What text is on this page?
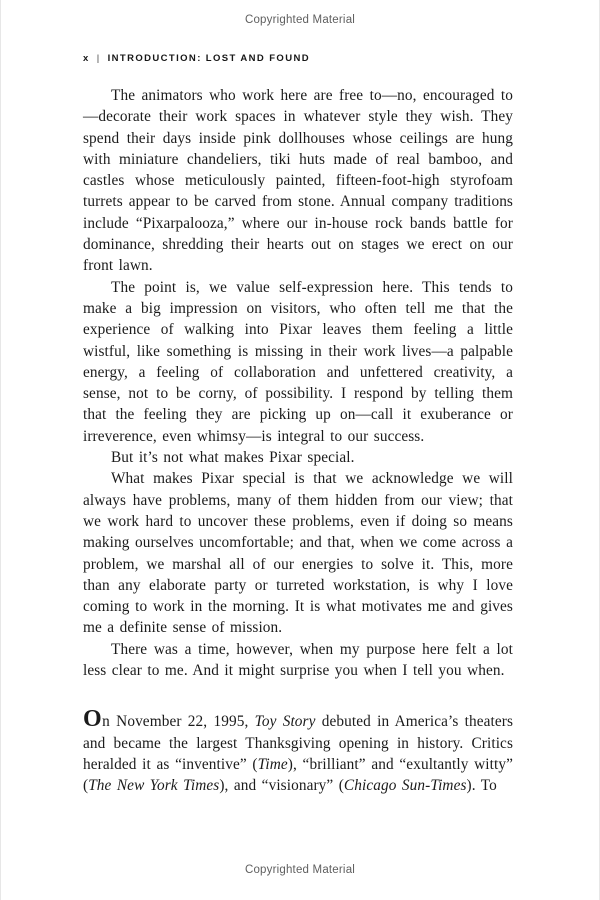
Copyrighted Material
x | INTRODUCTION: LOST AND FOUND

The animators who work here are free to—no, encouraged to—decorate their work spaces in whatever style they wish. They spend their days inside pink dollhouses whose ceilings are hung with miniature chandeliers, tiki huts made of real bamboo, and castles whose meticulously painted, fifteen-foot-high styrofoam turrets appear to be carved from stone. Annual company traditions include “Pixarpalooza,” where our in-house rock bands battle for dominance, shredding their hearts out on stages we erect on our front lawn.

The point is, we value self-expression here. This tends to make a big impression on visitors, who often tell me that the experience of walking into Pixar leaves them feeling a little wistful, like something is missing in their work lives—a palpable energy, a feeling of collaboration and unfettered creativity, a sense, not to be corny, of possibility. I respond by telling them that the feeling they are picking up on—call it exuberance or irreverence, even whimsy—is integral to our success.

But it’s not what makes Pixar special.

What makes Pixar special is that we acknowledge we will always have problems, many of them hidden from our view; that we work hard to uncover these problems, even if doing so means making ourselves uncomfortable; and that, when we come across a problem, we marshal all of our energies to solve it. This, more than any elaborate party or turreted workstation, is why I love coming to work in the morning. It is what motivates me and gives me a definite sense of mission.

There was a time, however, when my purpose here felt a lot less clear to me. And it might surprise you when I tell you when.

On November 22, 1995, Toy Story debuted in America’s theaters and became the largest Thanksgiving opening in history. Critics heralded it as “inventive” (Time), “brilliant” and “exultantly witty” (The New York Times), and “visionary” (Chicago Sun-Times). To

Copyrighted Material
